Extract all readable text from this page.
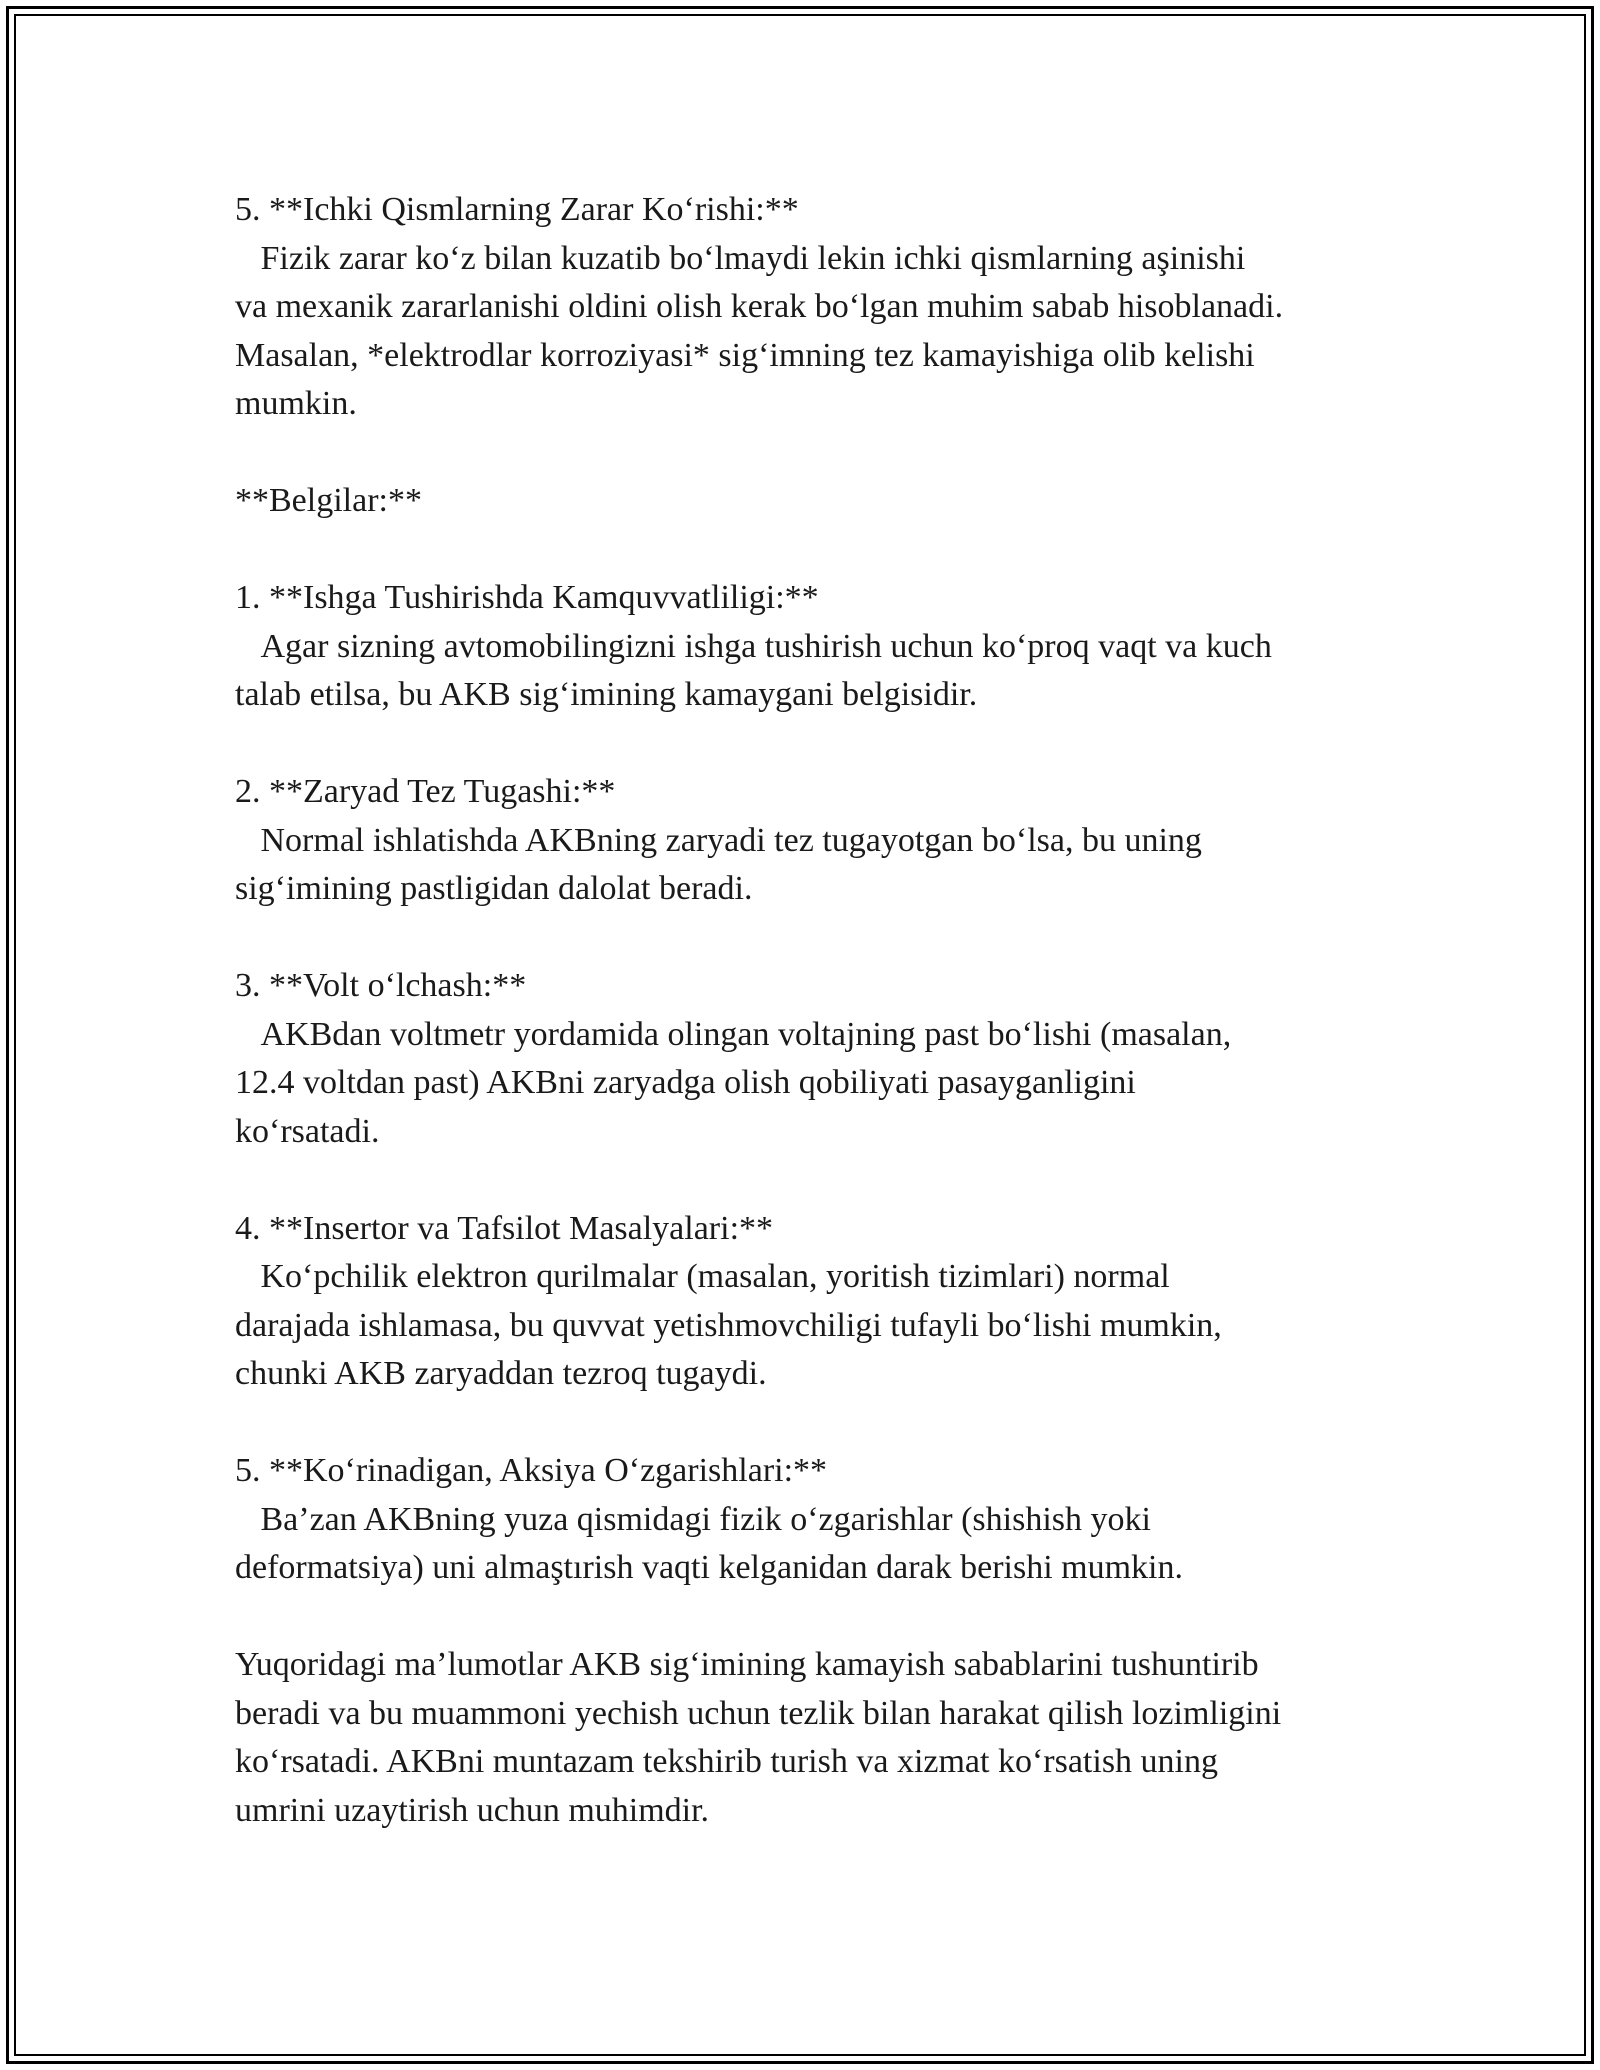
5. **Ichki Qismlarning Zarar Ko‘rishi:**

Fizik zarar ko‘z bilan kuzatib bo‘lmaydi lekin ichki qismlarning aşinishi
va mexanik zararlanishi oldini olish kerak bo‘lgan muhim sabab hisoblanadi.
Masalan, *elektrodlar korroziyasi* sig‘imning tez kamayishiga olib kelishi
mumkin.

**Belgilar:**

1. **Ishga Tushirishda Kamquvvatliligi:**

Agar sizning avtomobilingizni ishga tushirish uchun ko‘proq vaqt va kuch
talab etilsa, bu AKB sig‘imining kamaygani belgisidir.

2. **Zaryad Tez Tugashi:**

Normal ishlatishda AKBning zaryadi tez tugayotgan bo‘lsa, bu uning
sig‘imining pastligidan dalolat beradi.

3. **Volt o‘lchash:**

AKBdan voltmetr yordamida olingan voltajning past bo‘lishi (masalan,
12.4 voltdan past) AKBni zaryadga olish qobiliyati pasayganligini
ko‘rsatadi.

4. **Insertor va Tafsilot Masalyalari:**

Ko‘pchilik elektron qurilmalar (masalan, yoritish tizimlari) normal
darajada ishlamasa, bu quvvat yetishmovchiligi tufayli bo‘lishi mumkin,
chunki AKB zaryaddan tezroq tugaydi.

5. **Ko‘rinadigan, Aksiya O‘zgarishlari:**

Ba’zan AKBning yuza qismidagi fizik o‘zgarishlar (shishish yoki
deformatsiya) uni almaştırish vaqti kelganidan darak berishi mumkin.

Yuqoridagi ma’lumotlar AKB sig‘imining kamayish sabablarini tushuntirib
beradi va bu muammoni yechish uchun tezlik bilan harakat qilish lozimligini
ko‘rsatadi. AKBni muntazam tekshirib turish va xizmat ko‘rsatish uning
umrini uzaytirish uchun muhimdir.
